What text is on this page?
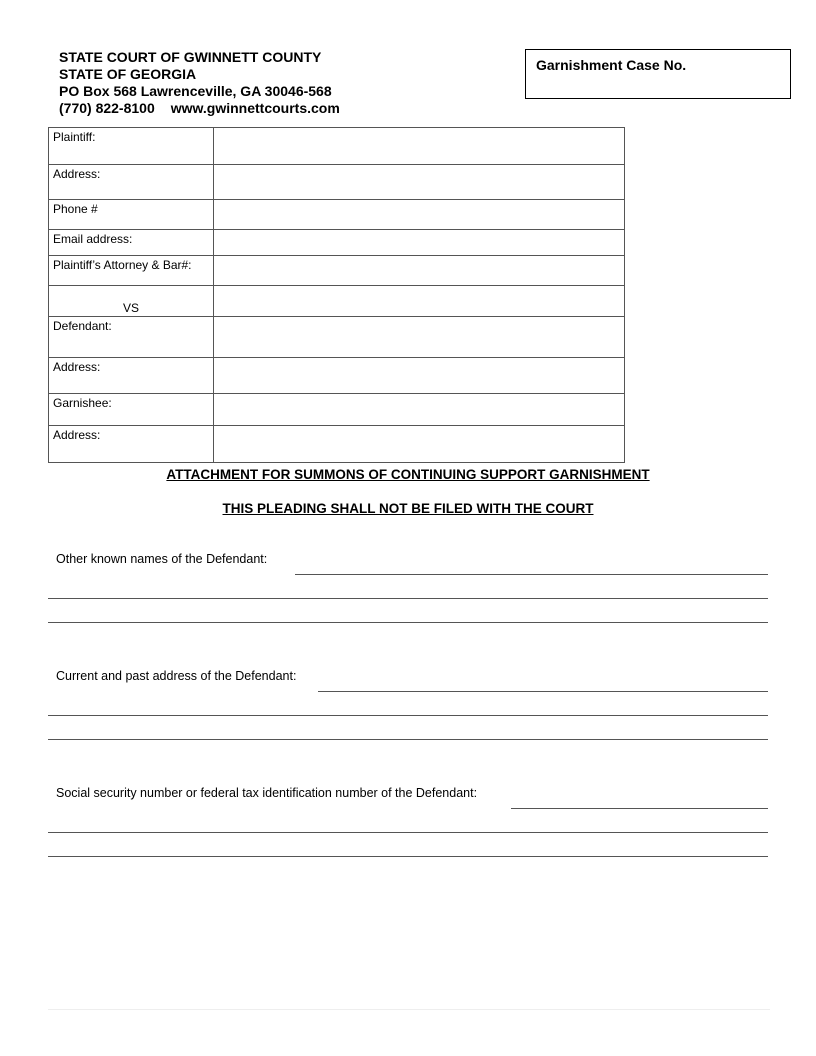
STATE COURT OF GWINNETT COUNTY
STATE OF GEORGIA
PO Box 568 Lawrenceville, GA 30046-568
(770) 822-8100 www.gwinnettcourts.com
Garnishment Case No.
Plaintiff:	
Address:	
Phone #	
Email address:	
Plaintiff’s Attorney & Bar#:	

VS	

Defendant:	
Address:	
Garnishee:	
Address:	
ATTACHMENT FOR SUMMONS OF CONTINUING SUPPORT GARNISHMENT
THIS PLEADING SHALL NOT BE FILED WITH THE COURT
Other known names of the Defendant:
Current and past address of the Defendant:
Social security number or federal tax identification number of the Defendant:
